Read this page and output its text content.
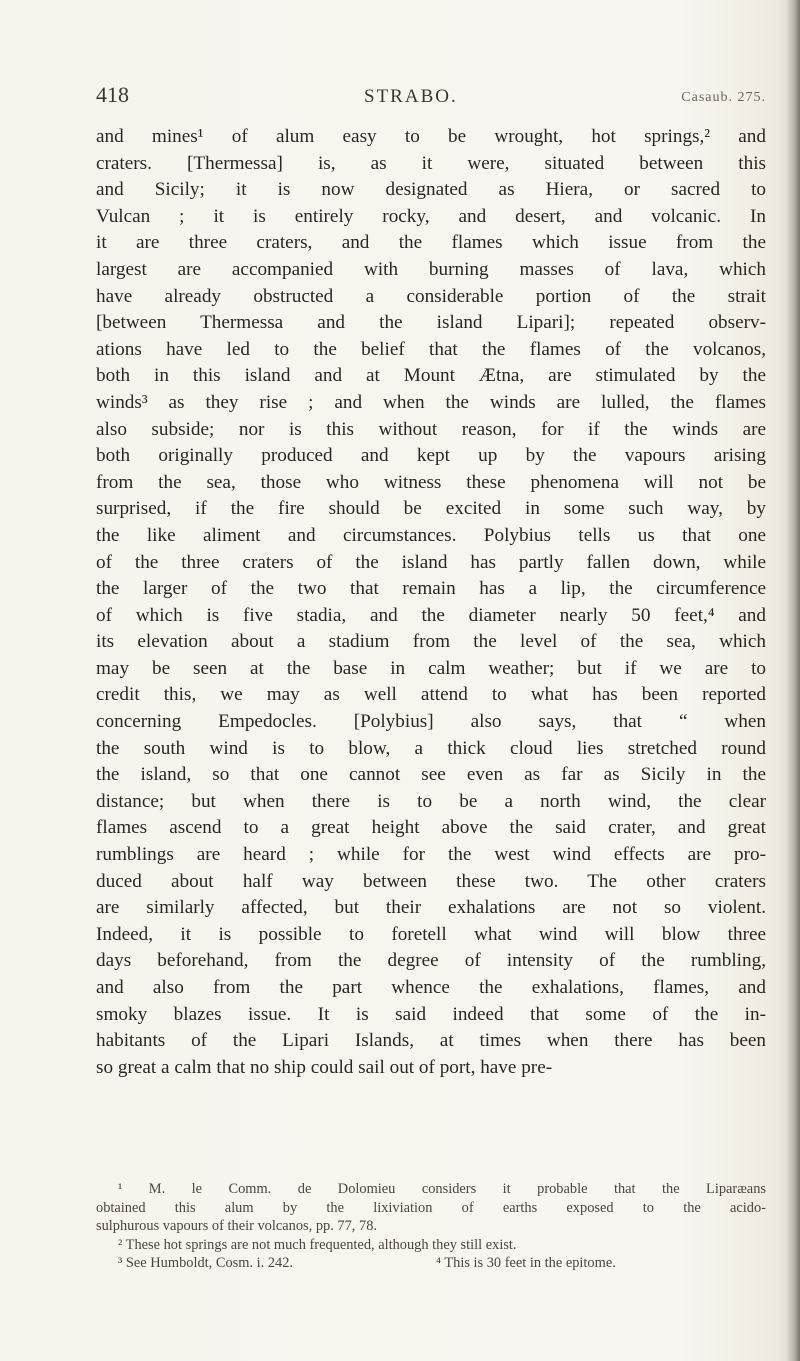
418	STRABO.	Casaub. 275.
and mines¹ of alum easy to be wrought, hot springs,² and
craters. [Thermessa] is, as it were, situated between this
and Sicily; it is now designated as Hiera, or sacred to
Vulcan ; it is entirely rocky, and desert, and volcanic. In
it are three craters, and the flames which issue from the
largest are accompanied with burning masses of lava, which
have already obstructed a considerable portion of the strait
[between Thermessa and the island Lipari]; repeated observ-
ations have led to the belief that the flames of the volcanos,
both in this island and at Mount Ætna, are stimulated by the
winds³ as they rise ; and when the winds are lulled, the flames
also subside; nor is this without reason, for if the winds are
both originally produced and kept up by the vapours arising
from the sea, those who witness these phenomena will not be
surprised, if the fire should be excited in some such way, by
the like aliment and circumstances. Polybius tells us that one
of the three craters of the island has partly fallen down, while
the larger of the two that remain has a lip, the circumference
of which is five stadia, and the diameter nearly 50 feet,⁴ and
its elevation about a stadium from the level of the sea, which
may be seen at the base in calm weather; but if we are to
credit this, we may as well attend to what has been reported
concerning Empedocles. [Polybius] also says, that “ when
the south wind is to blow, a thick cloud lies stretched round
the island, so that one cannot see even as far as Sicily in the
distance; but when there is to be a north wind, the clear
flames ascend to a great height above the said crater, and great
rumblings are heard ; while for the west wind effects are pro-
duced about half way between these two. The other craters
are similarly affected, but their exhalations are not so violent.
Indeed, it is possible to foretell what wind will blow three
days beforehand, from the degree of intensity of the rumbling,
and also from the part whence the exhalations, flames, and
smoky blazes issue. It is said indeed that some of the in-
habitants of the Lipari Islands, at times when there has been
so great a calm that no ship could sail out of port, have pre-
¹ M. le Comm. de Dolomieu considers it probable that the Liparæans
obtained this alum by the lixiviation of earths exposed to the acido-
sulphurous vapours of their volcanos, pp. 77, 78.
² These hot springs are not much frequented, although they still exist.
³ See Humboldt, Cosm. i. 242.	⁴ This is 30 feet in the epitome.
